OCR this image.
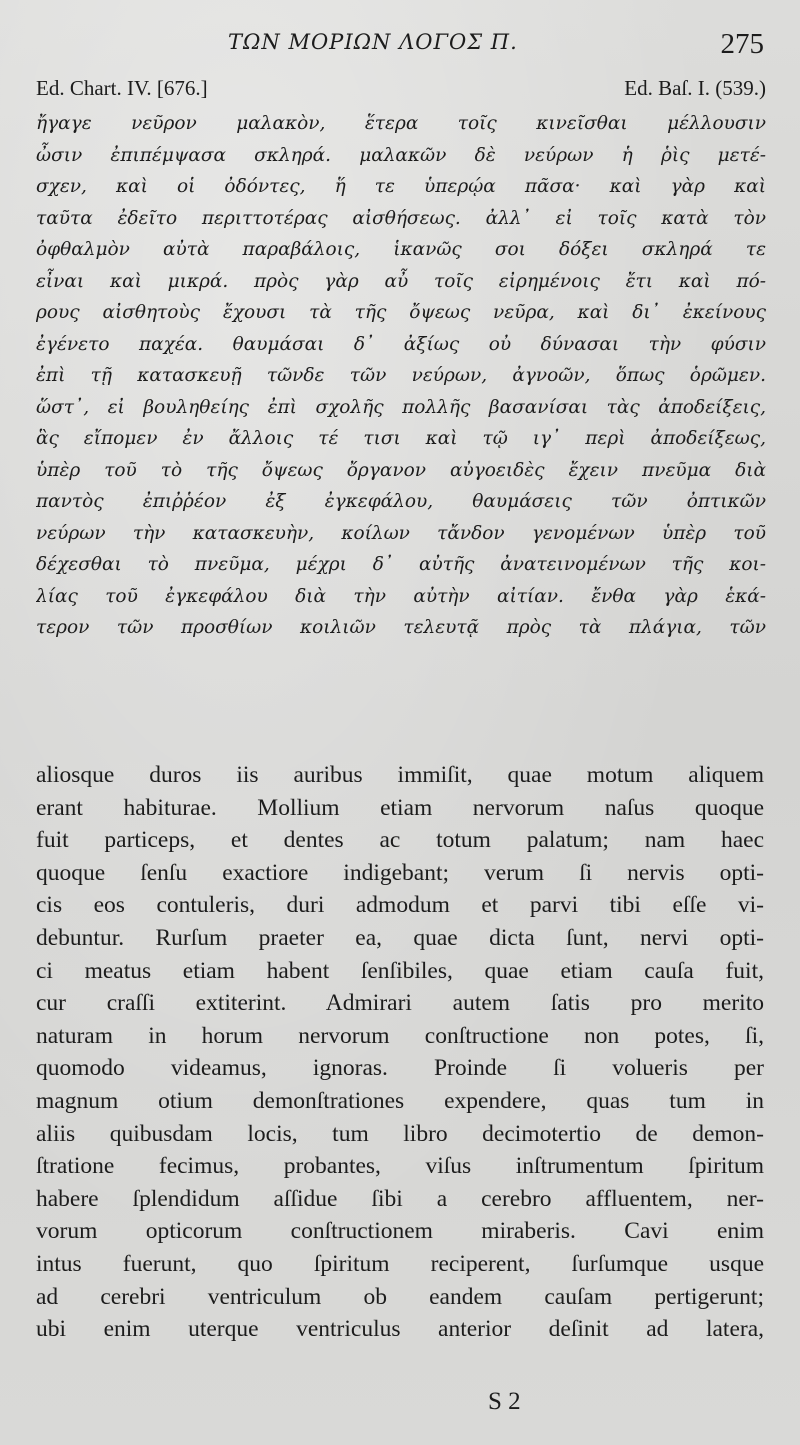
ΤΩΝ ΜΟΡΙΩΝ ΛΟΓΟΣ Π.	275
Ed. Chart. IV. [676.]	Ed. Baſ. I. (539.)
ἤγαγε νεῦρον μαλακὸν, ἕτερα τοῖς κινεῖσθαι μέλλουσιν
ὦσιν ἐπιπέμψασα σκληρά. μαλακῶν δὲ νεύρων ἡ ῥὶς μετέ-
σχεν, καὶ οἱ ὀδόντες, ἥ τε ὑπερῴα πᾶσα· καὶ γὰρ καὶ
ταῦτα ἐδεῖτο περιττοτέρας αἰσθήσεως. ἀλλ᾽ εἰ τοῖς κατὰ τὸν
ὀφθαλμὸν αὐτὰ παραβάλοις, ἱκανῶς σοι δόξει σκληρά τε
εἶναι καὶ μικρά. πρὸς γὰρ αὖ τοῖς εἰρημένοις ἔτι καὶ πό-
ρους αἰσθητοὺς ἔχουσι τὰ τῆς ὄψεως νεῦρα, καὶ δι᾽ ἐκείνους
ἐγένετο παχέα. θαυμάσαι δ᾽ ἀξίως οὐ δύνασαι τὴν φύσιν
ἐπὶ τῇ κατασκευῇ τῶνδε τῶν νεύρων, ἀγνοῶν, ὅπως ὁρῶμεν.
ὥστ᾽, εἰ βουληθείης ἐπὶ σχολῆς πολλῆς βασανίσαι τὰς ἀποδείξεις,
ἃς εἴπομεν ἐν ἄλλοις τέ τισι καὶ τῷ ιγ᾽ περὶ ἀποδείξεως,
ὑπὲρ τοῦ τὸ τῆς ὄψεως ὄργανον αὐγοειδὲς ἔχειν πνεῦμα διὰ
παντὸς ἐπιῤῥέον ἐξ ἐγκεφάλου, θαυμάσεις τῶν ὀπτικῶν
νεύρων τὴν κατασκευὴν, κοίλων τἄνδον γενομένων ὑπὲρ τοῦ
δέχεσθαι τὸ πνεῦμα, μέχρι δ᾽ αὐτῆς ἀνατεινομένων τῆς κοι-
λίας τοῦ ἐγκεφάλου διὰ τὴν αὐτὴν αἰτίαν. ἔνθα γὰρ ἑκά-
τερον τῶν προσθίων κοιλιῶν τελευτᾷ πρὸς τὰ πλάγια, τῶν
aliosque duros iis auribus immiſit, quae motum aliquem
erant habiturae. Mollium etiam nervorum naſus quoque
fuit particeps, et dentes ac totum palatum; nam haec
quoque ſenſu exactiore indigebant; verum ſi nervis opti-
cis eos contuleris, duri admodum et parvi tibi eſſe vi-
debuntur. Rurſum praeter ea, quae dicta ſunt, nervi opti-
ci meatus etiam habent ſenſibiles, quae etiam cauſa fuit,
cur craſſi extiterint. Admirari autem ſatis pro merito
naturam in horum nervorum conſtructione non potes, ſi,
quomodo videamus, ignoras. Proinde ſi volueris per
magnum otium demonſtrationes expendere, quas tum in
aliis quibusdam locis, tum libro decimotertio de demon-
ſtratione fecimus, probantes, viſus inſtrumentum ſpiritum
habere ſplendidum aſſidue ſibi a cerebro affluentem, ner-
vorum opticorum conſtructionem miraberis. Cavi enim
intus fuerunt, quo ſpiritum reciperent, ſurſumque usque
ad cerebri ventriculum ob eandem cauſam pertigerunt;
ubi enim uterque ventriculus anterior deſinit ad latera,
S 2
